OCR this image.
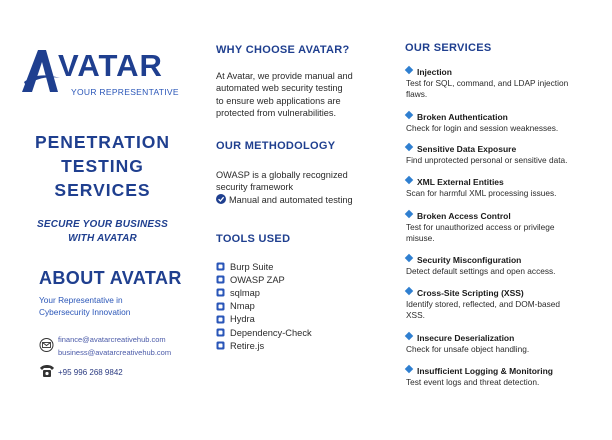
VATAR
YOUR REPRESENTATIVE
PENETRATION
TESTING
SERVICES
SECURE YOUR BUSINESS
WITH AVATAR
ABOUT AVATAR
Your Representative in
Cybersecurity Innovation
finance@avatarcreativehub.com
business@avatarcreativehub.com
+95 996 268 9842
WHY CHOOSE AVATAR?
At Avatar, we provide manual and
automated web security testing
to ensure web applications are
protected from vulnerabilities.
OUR METHODOLOGY
OWASP is a globally recognized
security framework
Manual and automated testing
TOOLS USED
Burp Suite
OWASP ZAP
sqlmap
Nmap
Hydra
Dependency-Check
Retire.js
OUR SERVICES
Injection
Test for SQL, command, and LDAP injection
flaws.
Broken Authentication
Check for login and session weaknesses.
Sensitive Data Exposure
Find unprotected personal or sensitive data.
XML External Entities
Scan for harmful XML processing issues.
Broken Access Control
Test for unauthorized access or privilege
misuse.
Security Misconfiguration
Detect default settings and open access.
Cross-Site Scripting (XSS)
Identify stored, reflected, and DOM-based
XSS.
Insecure Deserialization
Check for unsafe object handling.
Insufficient Logging & Monitoring
Test event logs and threat detection.
